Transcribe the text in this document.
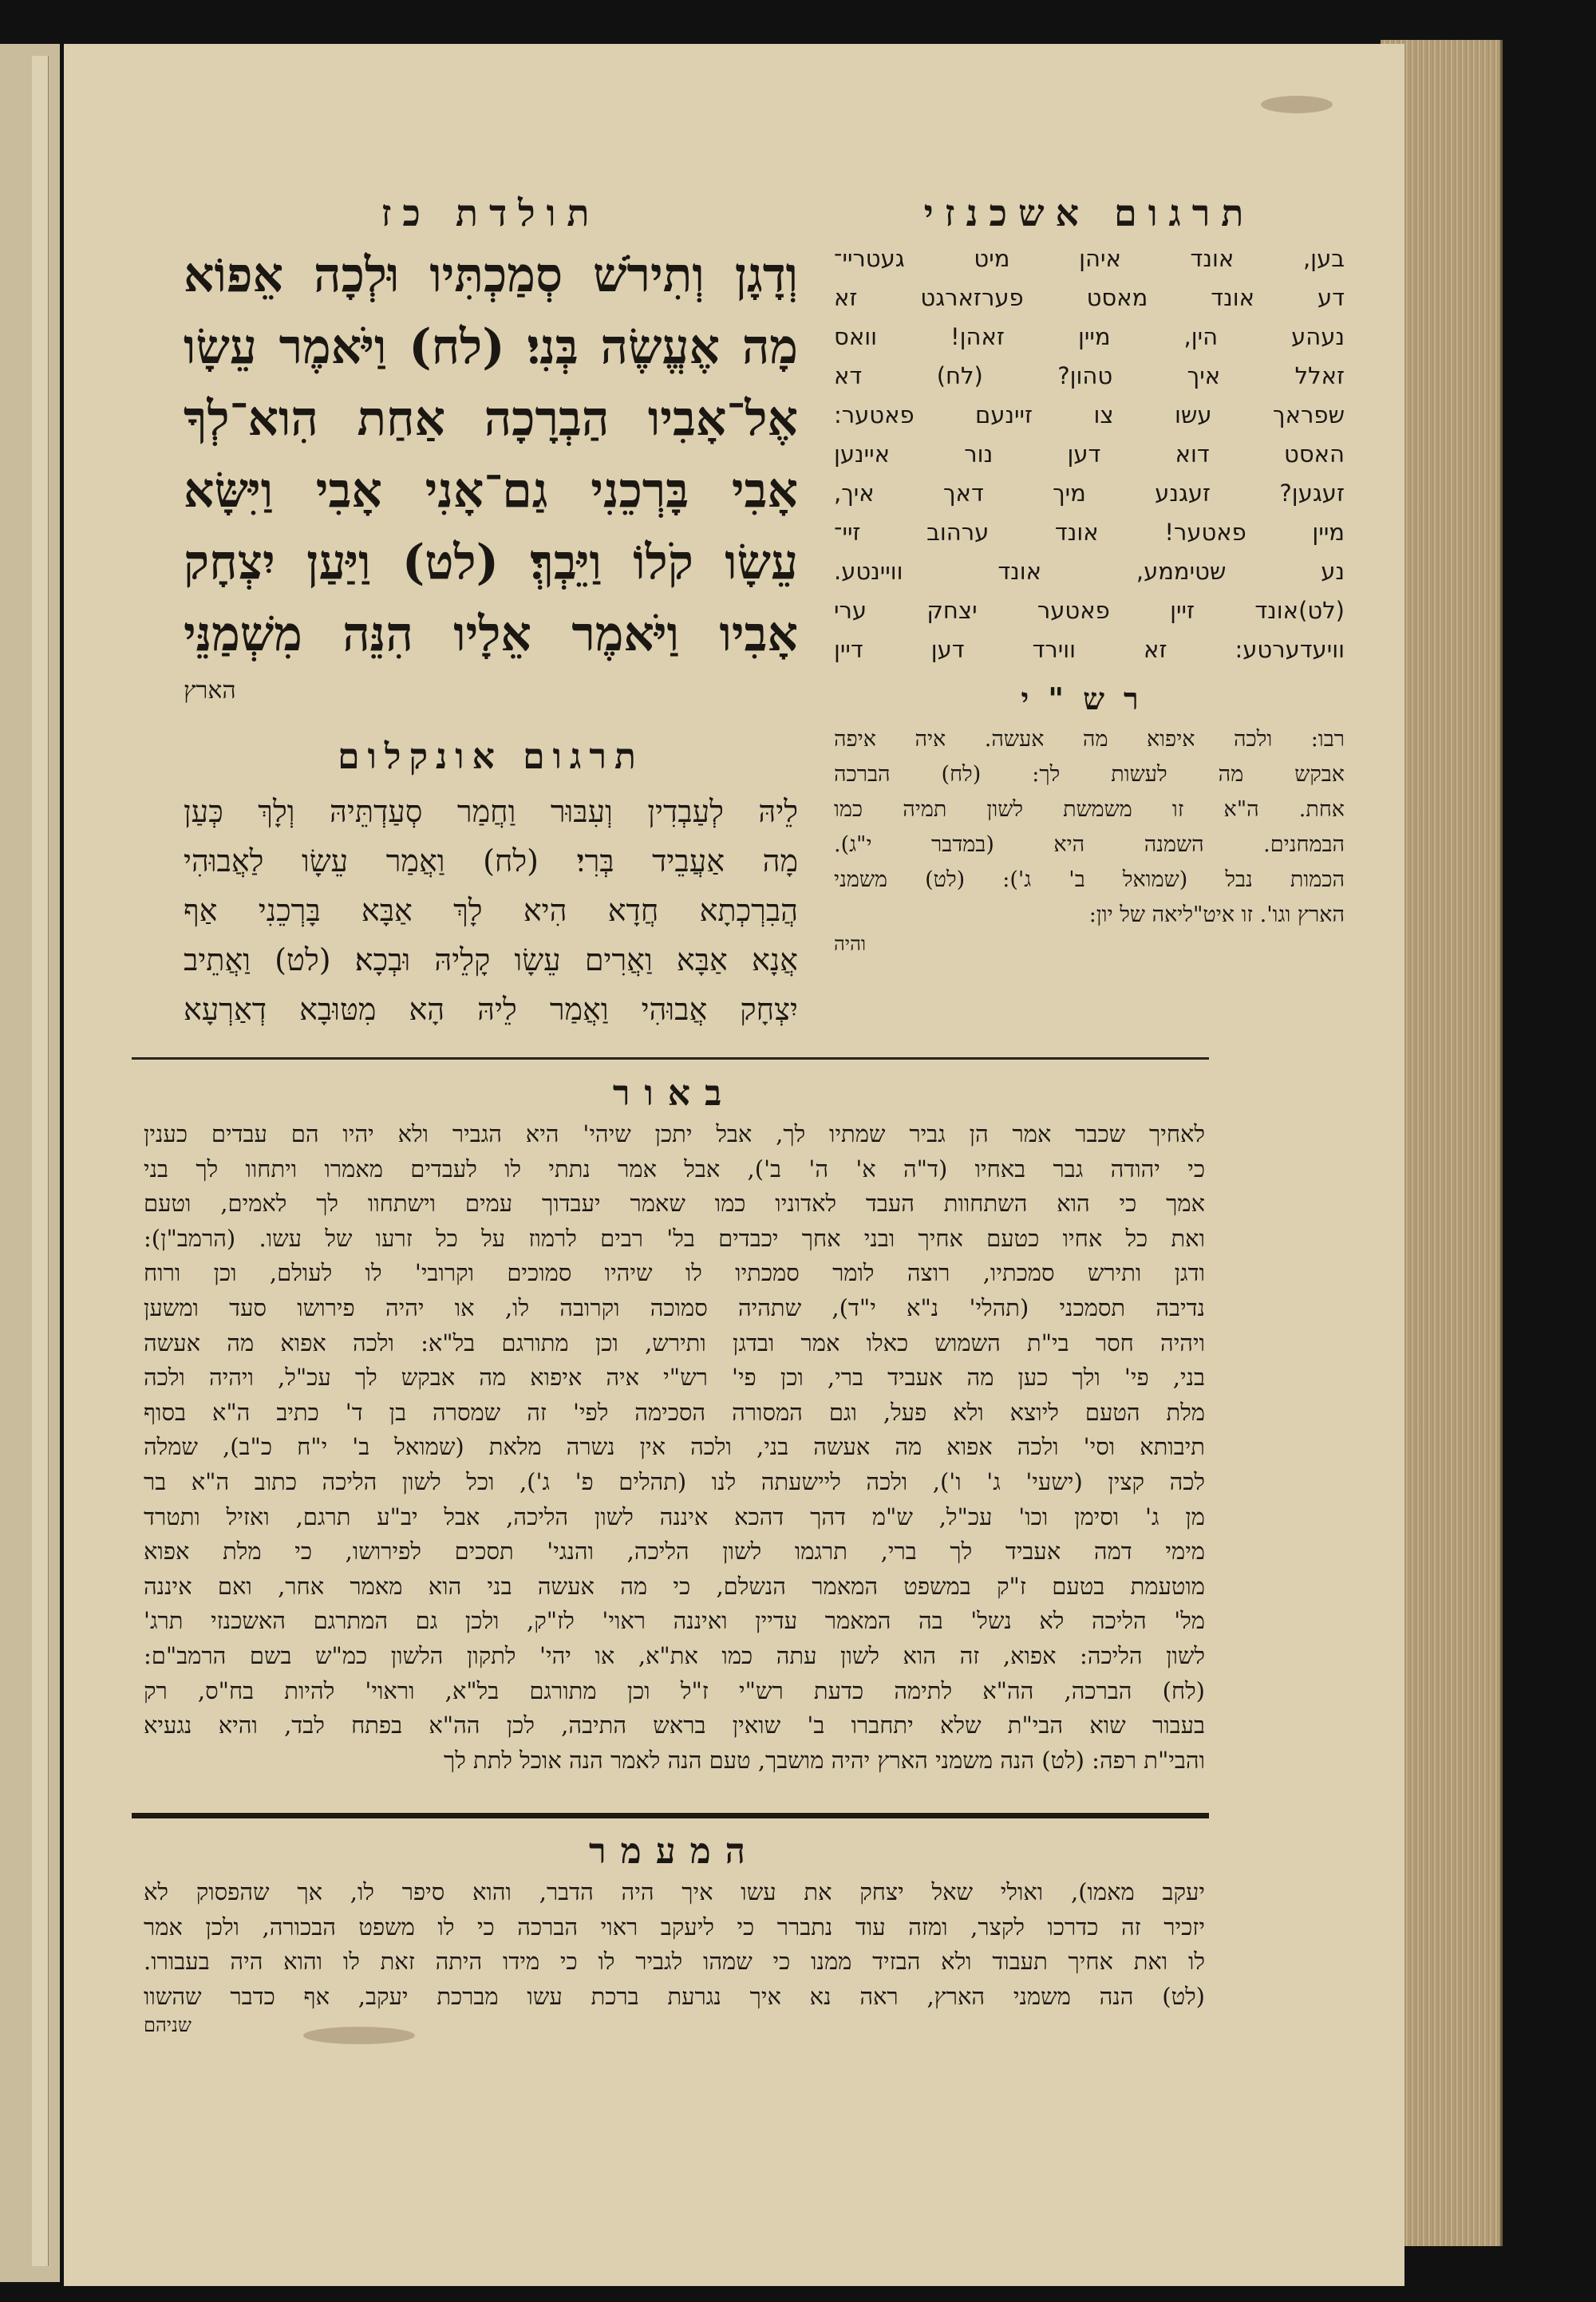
תולדת כז
וְדָגָן וְתִירֹשׁ סְמַכְתִּיו וּלְכָה אֵפוֹא
מָה אֶעֱשֶׂה בְּנִי׃ (לח) וַיֹּאמֶר עֵשָׂו
אֶל־אָבִיו הַבְרָכָה אַחַת הִוא־לְךָ
אָבִי בָּרְכֵנִי גַם־אָנִי אָבִי וַיִּשָּׂא
עֵשָׂו קֹלוֹ וַיֵּבְךְּ׃ (לט) וַיַּעַן יִצְחָק
אָבִיו וַיֹּאמֶר אֵלָיו הִנֵּה מִשְׁמַנֵּי
הארץ
תרגום אונקלום
לֵיהּ לְעַבְדִין וְעִבּוּר וַחֲמַר סְעַדְתֵּיהּ וְלָךְ כְּעַן
מָה אַעֲבֵיד בְּרִי׃ (לח) וַאֲמַר עֵשָׂו לַאֲבוּהִי
הֲבִרְכְתָא חֲדָא הִיא לָךְ אַבָּא בָּרְכֵנִי אַף
אֲנָא אַבָּא וַאֲרִים עֵשָׂו קָלֵיהּ וּבְכָא׃ (לט) וַאֲתֵיב
יִצְחָק אֲבוּהִי וַאֲמַר לֵיהּ הָא מִטּוּבָא דְאַרְעָא
תרגום אשכנזי
בען, אונד איהן מיט געטריי־
דע אונד מאסט פערזארגט זא
נעהע הין, מיין זאהן! וואס
זאלל איך טהון? (לח) דא
שפראך עשו צו זיינעם פאטער:
האסט דוא דען נור איינען
זעגען? זעגנע מיך דאך איך,
מיין פאטער! אונד ערהוב זיי־
נע שטיממע, אונד וויינטע.
(לט)אונד זיין פאטער יצחק ערי
וויעדערטע: זא ווירד דען דיין
רש"י
רבו: ולכה איפוא מה אעשה. איה איפה
אבקש מה לעשות לך: (לח) הברכה
אחת. ה"א זו משמשת לשון תמיה כמו
הבמחנים. השמנה היא (במדבר י"ג).
הכמות נבל (שמואל ב' ג'): (לט) משמני
הארץ וגו'. זו איט"ליאה של יון:
והיה
באור
לאחיך שכבר אמר הן גביר שמתיו לך, אבל יתכן שיהי' היא הגביר ולא יהיו הם עבדים כענין
כי יהודה גבר באחיו (ד"ה א' ה' ב'), אבל אמר נתתי לו לעבדים מאמרו ויתחוו לך בני
אמך כי הוא השתחוות העבד לאדוניו כמו שאמר יעבדוך עמים וישתחוו לך לאמים, וטעם
ואת כל אחיו כטעם אחיך ובני אחך יכבדים בל' רבים לרמוז על כל זרעו של עשו. (הרמב"ן):
ודגן ותירש סמכתיו, רוצה לומר סמכתיו לו שיהיו סמוכים וקרובי' לו לעולם, וכן ורוח
נדיבה תסמכני (תהלי' נ"א י"ד), שתהיה סמוכה וקרובה לו, או יהיה פירושו סעד ומשען
ויהיה חסר בי"ת השמוש כאלו אמר ובדגן ותירש, וכן מתורגם בל"א: ולכה אפוא מה אעשה
בני, פי' ולך כען מה אעביד ברי, וכן פי' רש"י איה איפוא מה אבקש לך עכ"ל, ויהיה ולכה
מלת הטעם ליוצא ולא פעל, וגם המסורה הסכימה לפי' זה שמסרה בן ד' כתיב ה"א בסוף
תיבותא וסי' ולכה אפוא מה אעשה בני, ולכה אין נשרה מלאת (שמואל ב' י"ח כ"ב), שמלה
לכה קצין (ישעי' ג' ו'), ולכה ליישעתה לנו (תהלים פ' ג'), וכל לשון הליכה כתוב ה"א בר
מן ג' וסימן וכו' עכ"ל, ש"מ דהך דהכא איננה לשון הליכה, אבל יב"ע תרגם, ואזיל ותטרד
מימי דמה אעביד לך ברי, תרגמו לשון הליכה, והנגי' תסכים לפירושו, כי מלת אפוא
מוטעמת בטעם ז"ק במשפט המאמר הנשלם, כי מה אעשה בני הוא מאמר אחר, ואם איננה
מל' הליכה לא נשל' בה המאמר עדיין ואיננה ראוי' לז"ק, ולכן גם המתרגם האשכנזי תרג'
לשון הליכה: אפוא, זה הוא לשון עתה כמו את"א, או יהי' לתקון הלשון כמ"ש בשם הרמב"ם:
(לח) הברכה, הה"א לתימה כדעת רש"י ז"ל וכן מתורגם בל"א, וראוי' להיות בח"ס, רק
בעבור שוא הבי"ת שלא יתחברו ב' שואין בראש התיבה, לכן הה"א בפתח לבד, והיא נגעיא
והבי"ת רפה: (לט) הנה משמני הארץ יהיה מושבך, טעם הנה לאמר הנה אוכל לתת לך
המעמר
יעקב מאמו), ואולי שאל יצחק את עשו איך היה הדבר, והוא סיפר לו, אך שהפסוק לא
יזכיר זה כדרכו לקצר, ומזה עוד נתברר כי ליעקב ראוי הברכה כי לו משפט הבכורה, ולכן אמר
לו ואת אחיך תעבוד ולא הבזיד ממנו כי שמהו לגביר לו כי מידו היתה זאת לו והוא היה בעבורו.
(לט) הנה משמני הארץ, ראה נא איך נגרעת ברכת עשו מברכת יעקב, אף כדבר שהשוו
שניהם
